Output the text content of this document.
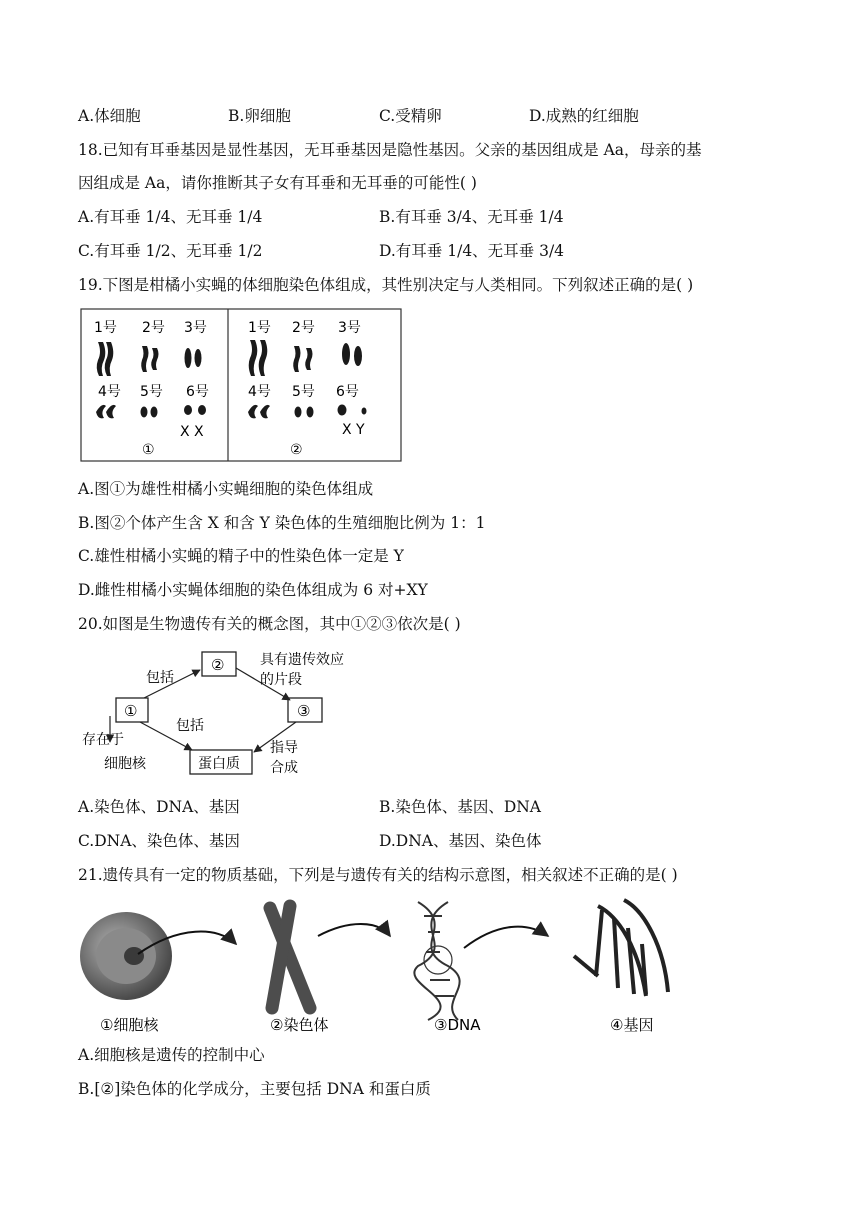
A.体细胞	B.卵细胞	C.受精卵	D.成熟的红细胞
18.已知有耳垂基因是显性基因，无耳垂基因是隐性基因。父亲的基因组成是 Aa，母亲的基
因组成是 Aa，请你推断其子女有耳垂和无耳垂的可能性( )
A.有耳垂 1/4、无耳垂 1/4	B.有耳垂 3/4、无耳垂 1/4
C.有耳垂 1/2、无耳垂 1/2	D.有耳垂 1/4、无耳垂 3/4
19.下图是柑橘小实蝇的体细胞染色体组成，其性别决定与人类相同。下列叙述正确的是( )
1号 2号 3号
4号 5号 6号
X X
①
1号 2号 3号
4号 5号 6号
X Y
②
A.图①为雄性柑橘小实蝇细胞的染色体组成
B.图②个体产生含 X 和含 Y 染色体的生殖细胞比例为 1：1
C.雄性柑橘小实蝇的精子中的性染色体一定是 Y
D.雌性柑橘小实蝇体细胞的染色体组成为 6 对+XY
20.如图是生物遗传有关的概念图，其中①②③依次是( )
①
②
③
蛋白质
包括
具有遗传效应
的片段
包括
存在于
细胞核
指导
合成
A.染色体、DNA、基因	B.染色体、基因、DNA
C.DNA、染色体、基因	D.DNA、基因、染色体
21.遗传具有一定的物质基础，下列是与遗传有关的结构示意图，相关叙述不正确的是( )
①细胞核	②染色体	③DNA	④基因
A.细胞核是遗传的控制中心
B.[②]染色体的化学成分，主要包括 DNA 和蛋白质
